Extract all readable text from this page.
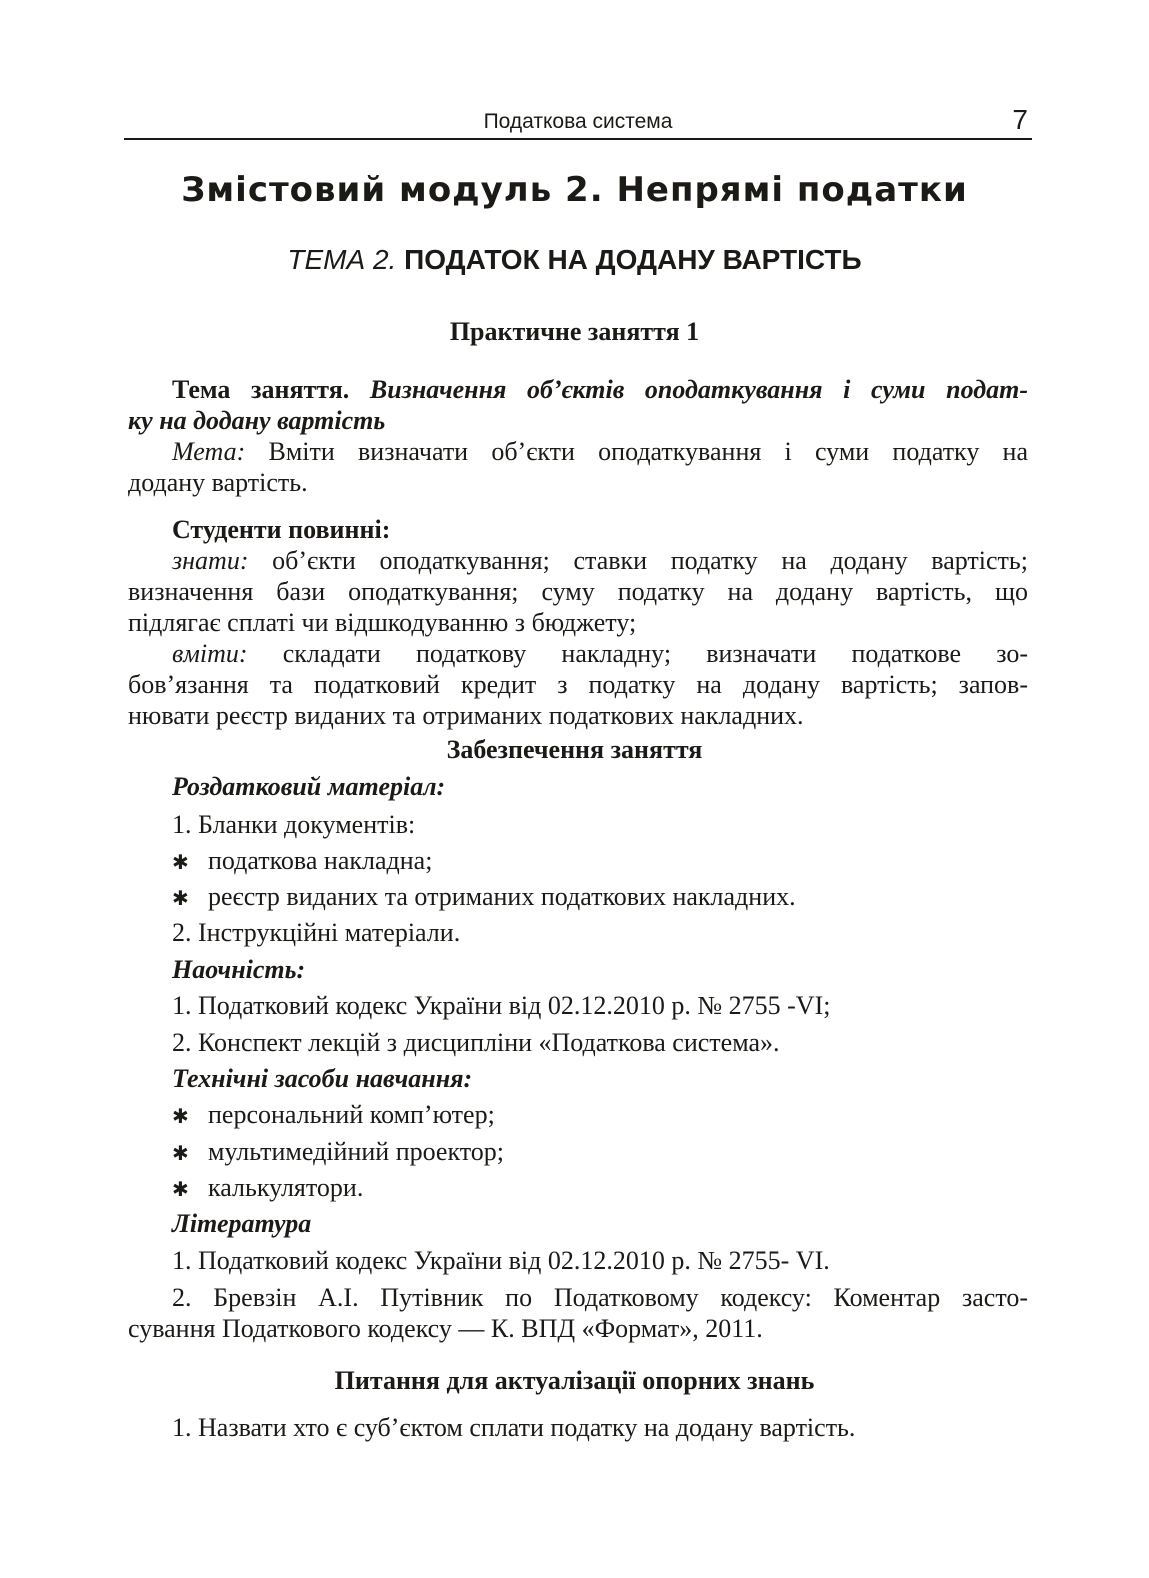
Податкова система	7
Змістовий модуль 2. Непрямі податки
ТЕМА 2. ПОДАТОК НА ДОДАНУ ВАРТІСТЬ
Практичне заняття 1
Тема заняття. Визначення об’єктів оподаткування і суми подат-
ку на додану вартість
Мета: Вміти визначати об’єкти оподаткування і суми податку на
додану вартість.
Студенти повинні:
знати: об’єкти оподаткування; ставки податку на додану вартість;
визначення бази оподаткування; суму податку на додану вартість, що
підлягає сплаті чи відшкодуванню з бюджету;
вміти: складати податкову накладну; визначати податкове зо-
бов’язання та податковий кредит з податку на додану вартість; запов-
нювати реєстр виданих та отриманих податкових накладних.
Забезпечення заняття
Роздатковий матеріал:
1. Бланки документів:
✱ податкова накладна;
✱ реєстр виданих та отриманих податкових накладних.
2. Інструкційні матеріали.
Наочність:
1. Податковий кодекс України від 02.12.2010 р. № 2755 -VI;
2. Конспект лекцій з дисципліни «Податкова система».
Технічні засоби навчання:
✱ персональний комп’ютер;
✱ мультимедійний проектор;
✱ калькулятори.
Література
1. Податковий кодекс України від 02.12.2010 р. № 2755- VI.
2. Бревзін А.І. Путівник по Податковому кодексу: Коментар засто-
сування Податкового кодексу — К. ВПД «Формат», 2011.
Питання для актуалізації опорних знань
1. Назвати хто є суб’єктом сплати податку на додану вартість.
